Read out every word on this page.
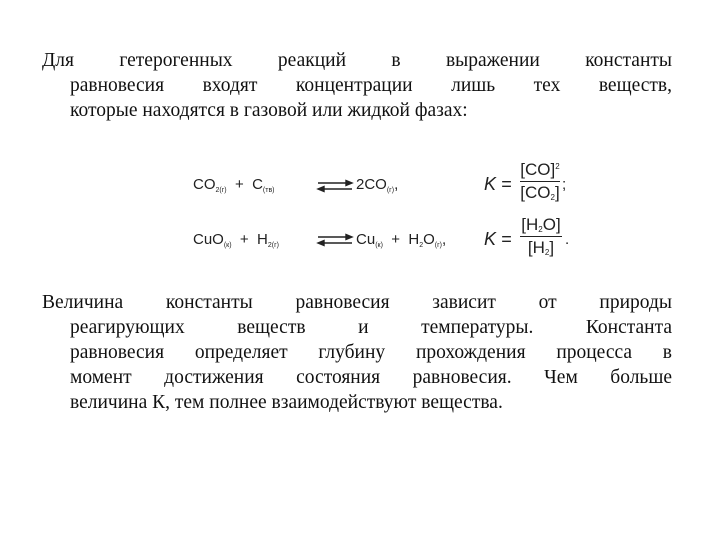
Для гетерогенных реакций в выражении константы
равновесия входят концентрации лишь тех веществ,
которые находятся в газовой или жидкой фазах:
$CO_{2(г)} + C_{(тв)}$	$2CO_{(г)}$,	K =
[CO]$^2$
$[CO_2]$ ;
$CuO_{(к)} + H_{2(г)}$	$Cu_{(к)} + H_2O_{(г)}$, K =
$[H_2O]$
$[H_2]$ .
Величина константы равновесия зависит от природы
реагирующих веществ и температуры. Константа
равновесия определяет глубину прохождения процесса в
момент достижения состояния равновесия. Чем больше
величина К, тем полнее взаимодействуют вещества.
